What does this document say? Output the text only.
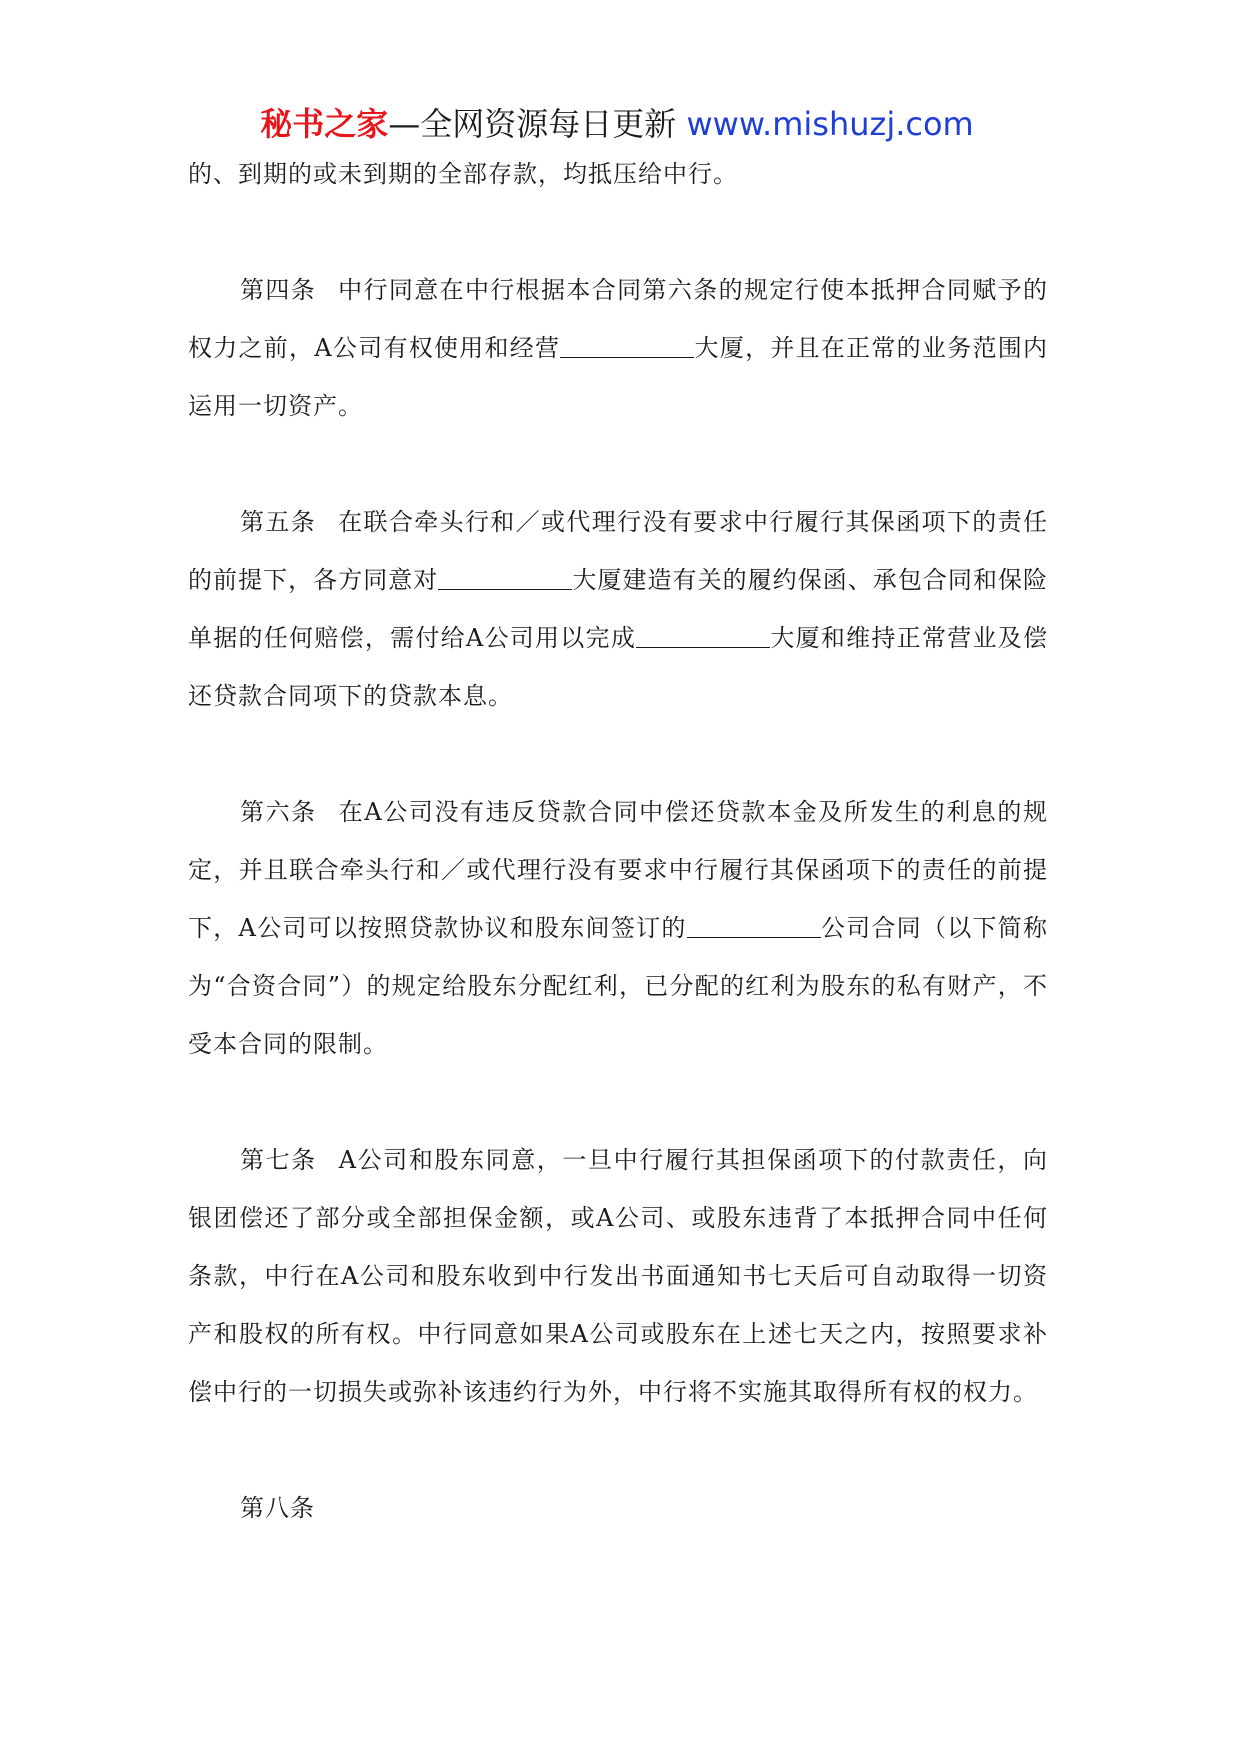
秘书之家—全网资源每日更新 www.mishuzj.com

的、到期的或未到期的全部存款，均抵压给中行。

第四条 中行同意在中行根据本合同第六条的规定行使本抵押合同赋予的权力之前，A公司有权使用和经营	大厦，并且在正常的业务范围内运用一切资产。

第五条 在联合牵头行和／或代理行没有要求中行履行其保函项下的责任的前提下，各方同意对	大厦建造有关的履约保函、承包合同和保险单据的任何赔偿，需付给A公司用以完成	大厦和维持正常营业及偿还贷款合同项下的贷款本息。

第六条 在A公司没有违反贷款合同中偿还贷款本金及所发生的利息的规定，并且联合牵头行和／或代理行没有要求中行履行其保函项下的责任的前提下，A公司可以按照贷款协议和股东间签订的	公司合同（以下简称为“合资合同”）的规定给股东分配红利，已分配的红利为股东的私有财产，不受本合同的限制。

第七条 A公司和股东同意，一旦中行履行其担保函项下的付款责任，向银团偿还了部分或全部担保金额，或A公司、或股东违背了本抵押合同中任何条款，中行在A公司和股东收到中行发出书面通知书七天后可自动取得一切资产和股权的所有权。中行同意如果A公司或股东在上述七天之内，按照要求补偿中行的一切损失或弥补该违约行为外，中行将不实施其取得所有权的权力。

第八条
